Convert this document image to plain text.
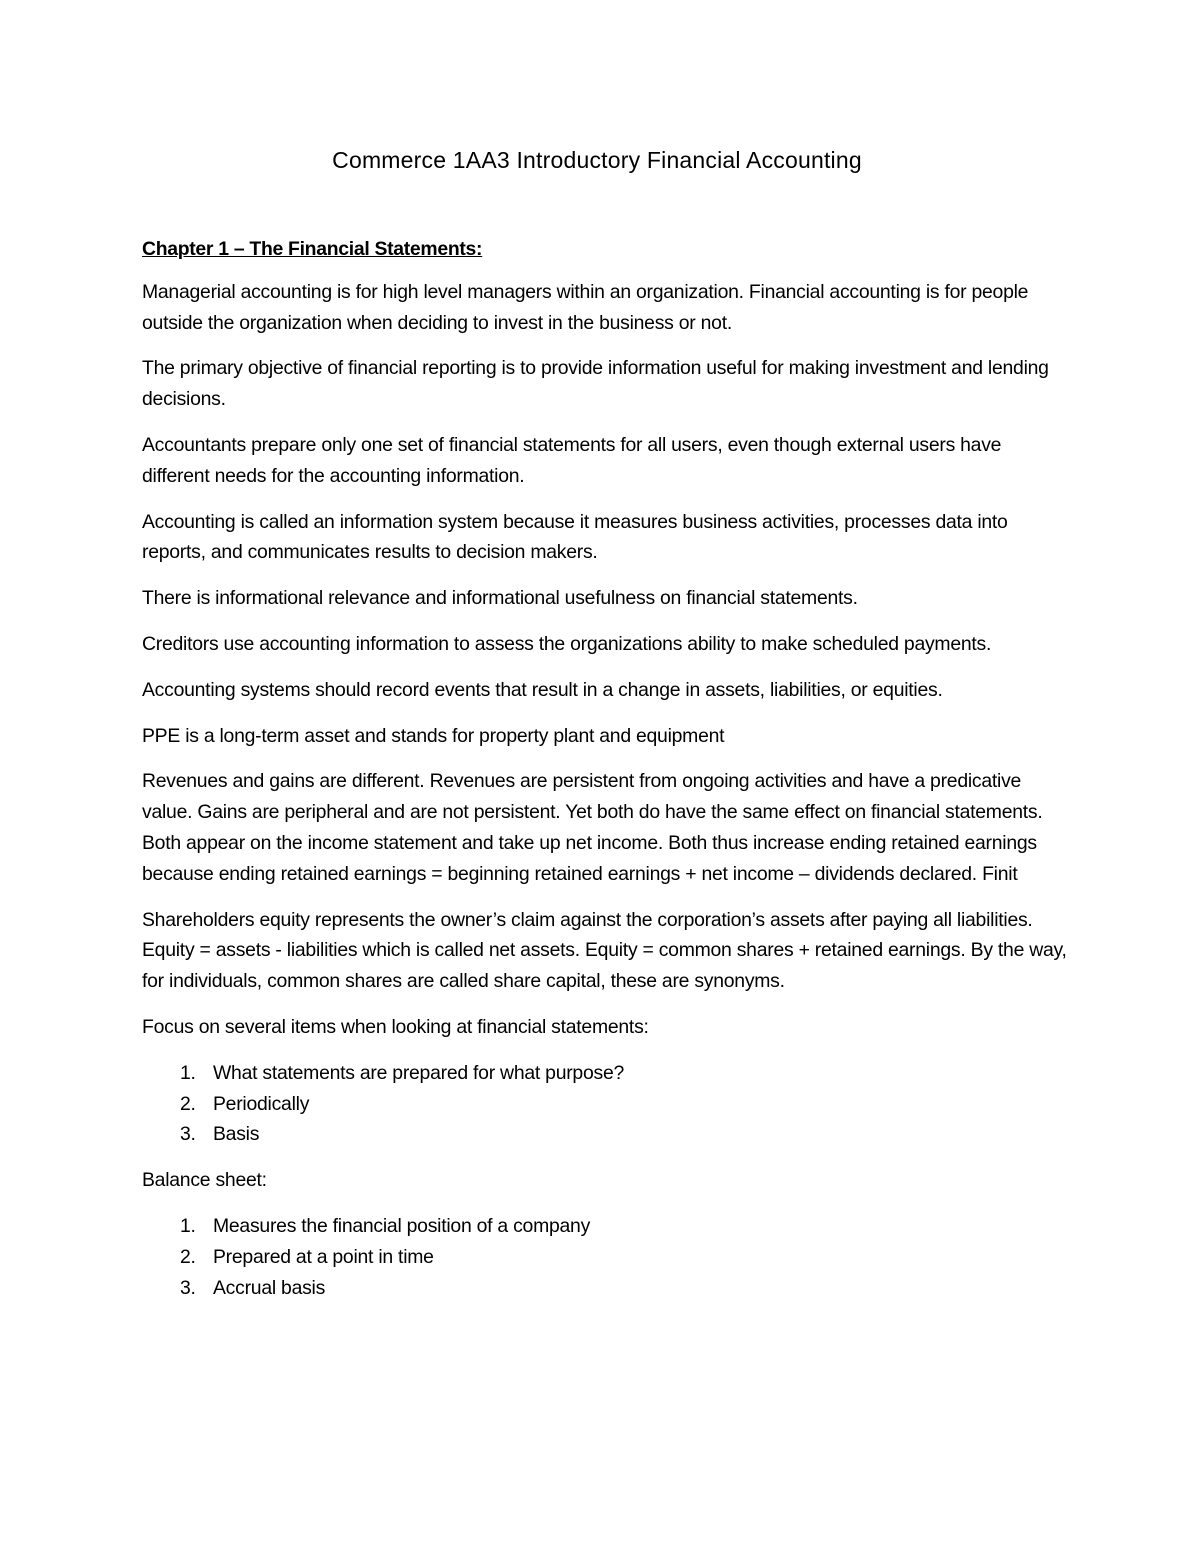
Commerce 1AA3 Introductory Financial Accounting

Chapter 1 – The Financial Statements:

Managerial accounting is for high level managers within an organization. Financial accounting is for people outside the organization when deciding to invest in the business or not.

The primary objective of financial reporting is to provide information useful for making investment and lending decisions.

Accountants prepare only one set of financial statements for all users, even though external users have different needs for the accounting information.

Accounting is called an information system because it measures business activities, processes data into reports, and communicates results to decision makers.

There is informational relevance and informational usefulness on financial statements.

Creditors use accounting information to assess the organizations ability to make scheduled payments.

Accounting systems should record events that result in a change in assets, liabilities, or equities.

PPE is a long-term asset and stands for property plant and equipment

Revenues and gains are different. Revenues are persistent from ongoing activities and have a predicative value. Gains are peripheral and are not persistent. Yet both do have the same effect on financial statements. Both appear on the income statement and take up net income. Both thus increase ending retained earnings because ending retained earnings = beginning retained earnings + net income – dividends declared. Finit

Shareholders equity represents the owner’s claim against the corporation’s assets after paying all liabilities. Equity = assets - liabilities which is called net assets. Equity = common shares + retained earnings. By the way, for individuals, common shares are called share capital, these are synonyms.

Focus on several items when looking at financial statements:

1. What statements are prepared for what purpose?
2. Periodically
3. Basis

Balance sheet:

1. Measures the financial position of a company
2. Prepared at a point in time
3. Accrual basis
